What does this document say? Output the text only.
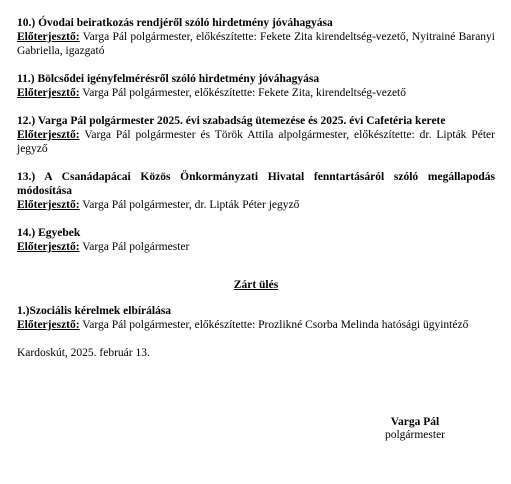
10.) Óvodai beiratkozás rendjéről szóló hirdetmény jóváhagyása
Előterjesztő: Varga Pál polgármester, előkészítette: Fekete Zita kirendeltség-vezető, Nyitrainé Baranyi Gabriella, igazgató
11.) Bölcsődei igényfelmérésről szóló hirdetmény jóváhagyása
Előterjesztő: Varga Pál polgármester, előkészítette: Fekete Zita, kirendeltség-vezető
12.) Varga Pál polgármester 2025. évi szabadság ütemezése és 2025. évi Cafetéria kerete
Előterjesztő: Varga Pál polgármester és Török Attila alpolgármester, előkészítette: dr. Lipták Péter jegyző
13.) A Csanádapácai Közös Önkormányzati Hivatal fenntartásáról szóló megállapodás módosítása
Előterjesztő: Varga Pál polgármester, dr. Lipták Péter jegyző
14.) Egyebek
Előterjesztő: Varga Pál polgármester
Zárt ülés
1.)Szociális kérelmek elbírálása
Előterjesztő: Varga Pál polgármester, előkészítette: Prozlikné Csorba Melinda hatósági ügyintéző
Kardoskút, 2025. február 13.
Varga Pál
polgármester
